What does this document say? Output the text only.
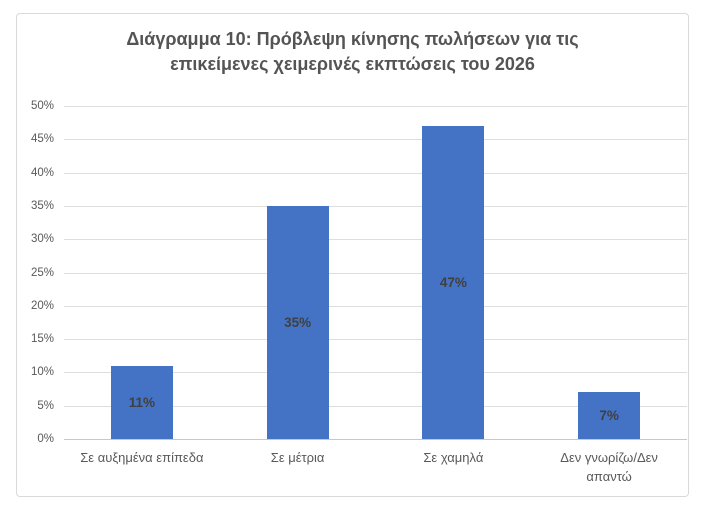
Διάγραμμα 10: Πρόβλεψη κίνησης πωλήσεων για τις επικείμενες χειμερινές εκπτώσεις του 2026
0%
5%
10%
15%
20%
25%
30%
35%
40%
45%
50%
11%
35%
47%
7%
Σε αυξημένα επίπεδα	Σε μέτρια	Σε χαμηλά	Δεν γνωρίζω/Δεν απαντώ
